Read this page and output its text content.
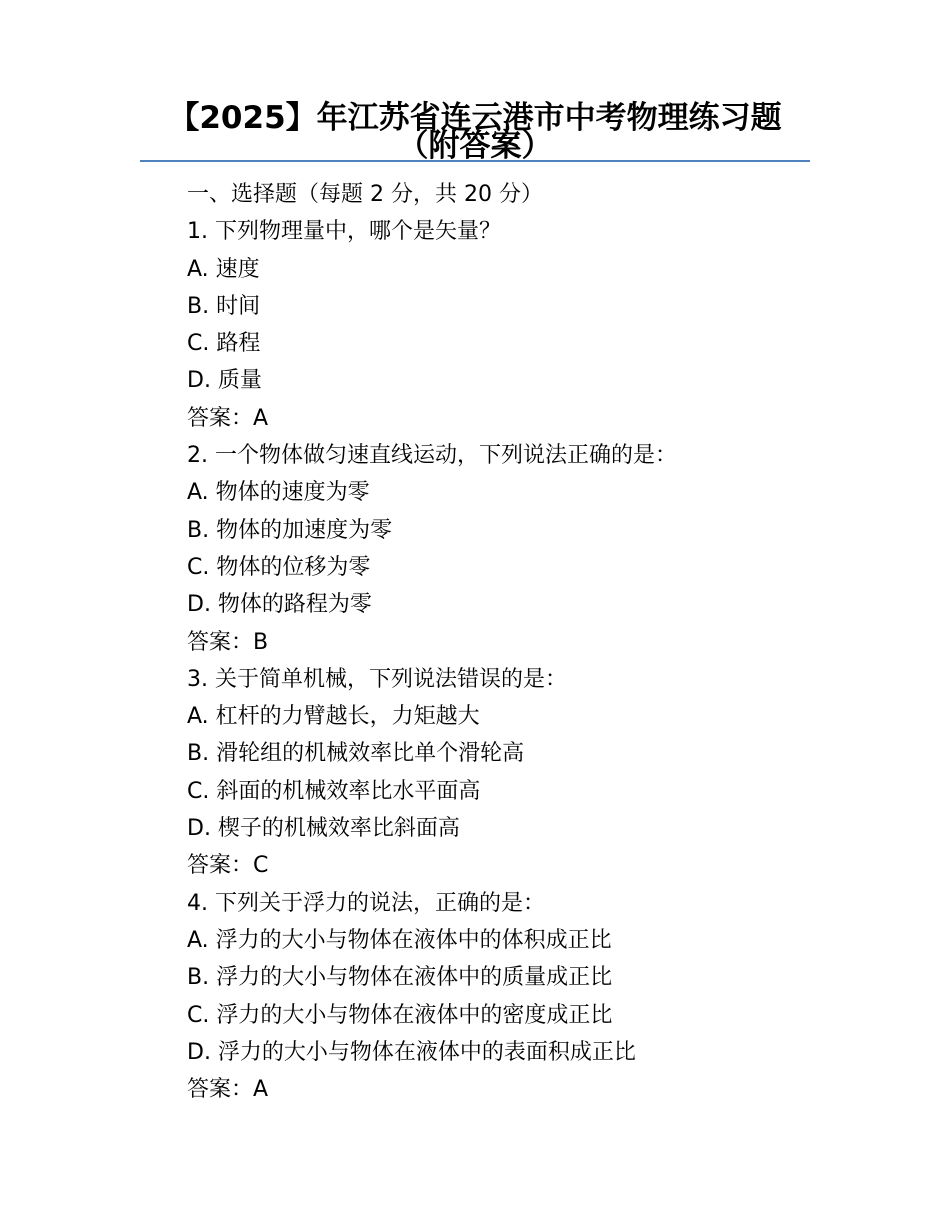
【2025】年江苏省连云港市中考物理练习题（附答案）
一、选择题（每题 2 分，共 20 分）
1. 下列物理量中，哪个是矢量？
A. 速度
B. 时间
C. 路程
D. 质量
答案：A
2. 一个物体做匀速直线运动，下列说法正确的是：
A. 物体的速度为零
B. 物体的加速度为零
C. 物体的位移为零
D. 物体的路程为零
答案：B
3. 关于简单机械，下列说法错误的是：
A. 杠杆的力臂越长，力矩越大
B. 滑轮组的机械效率比单个滑轮高
C. 斜面的机械效率比水平面高
D. 楔子的机械效率比斜面高
答案：C
4. 下列关于浮力的说法，正确的是：
A. 浮力的大小与物体在液体中的体积成正比
B. 浮力的大小与物体在液体中的质量成正比
C. 浮力的大小与物体在液体中的密度成正比
D. 浮力的大小与物体在液体中的表面积成正比
答案：A
